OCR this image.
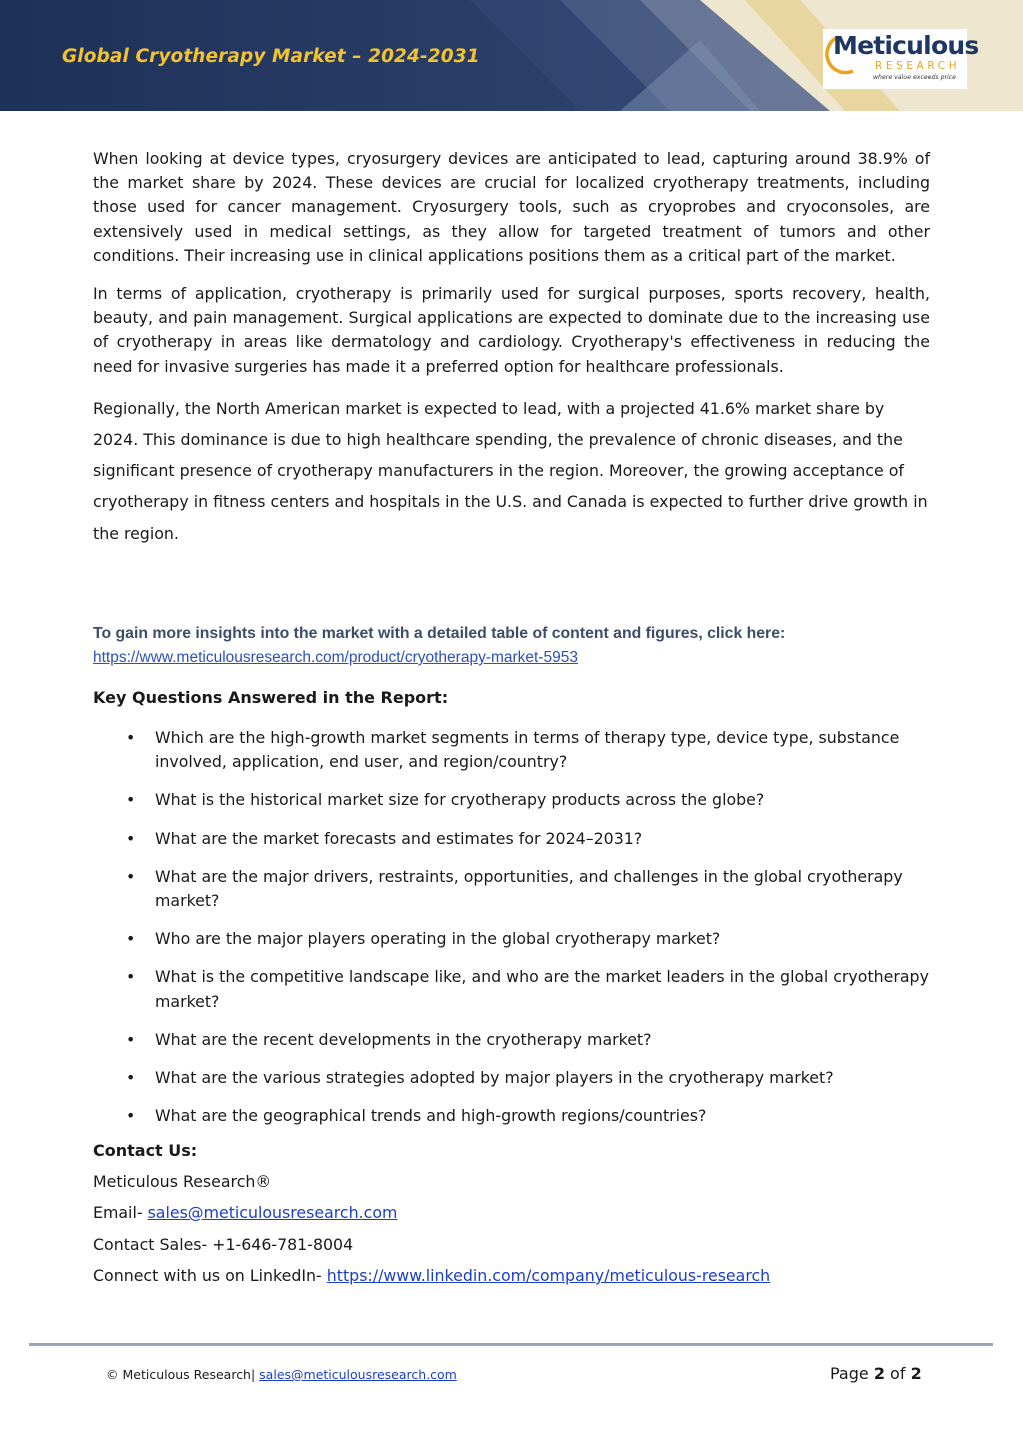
Global Cryotherapy Market – 2024-2031	Meticulous
RESEARCH
where value exceeds price

When looking at device types, cryosurgery devices are anticipated to lead, capturing around 38.9% of the market share by 2024. These devices are crucial for localized cryotherapy treatments, including those used for cancer management. Cryosurgery tools, such as cryoprobes and cryoconsoles, are extensively used in medical settings, as they allow for targeted treatment of tumors and other conditions. Their increasing use in clinical applications positions them as a critical part of the market.

In terms of application, cryotherapy is primarily used for surgical purposes, sports recovery, health, beauty, and pain management. Surgical applications are expected to dominate due to the increasing use of cryotherapy in areas like dermatology and cardiology. Cryotherapy's effectiveness in reducing the need for invasive surgeries has made it a preferred option for healthcare professionals.

Regionally, the North American market is expected to lead, with a projected 41.6% market share by 2024. This dominance is due to high healthcare spending, the prevalence of chronic diseases, and the significant presence of cryotherapy manufacturers in the region. Moreover, the growing acceptance of cryotherapy in fitness centers and hospitals in the U.S. and Canada is expected to further drive growth in the region.

To gain more insights into the market with a detailed table of content and figures, click here:
https://www.meticulousresearch.com/product/cryotherapy-market-5953
Key Questions Answered in the Report:
• Which are the high-growth market segments in terms of therapy type, device type, substance involved, application, end user, and region/country?
• What is the historical market size for cryotherapy products across the globe?
• What are the market forecasts and estimates for 2024–2031?
• What are the major drivers, restraints, opportunities, and challenges in the global cryotherapy market?
• Who are the major players operating in the global cryotherapy market?
• What is the competitive landscape like, and who are the market leaders in the global cryotherapy market?
• What are the recent developments in the cryotherapy market?
• What are the various strategies adopted by major players in the cryotherapy market?
• What are the geographical trends and high-growth regions/countries?
Contact Us:
Meticulous Research®
Email- sales@meticulousresearch.com
Contact Sales- +1-646-781-8004
Connect with us on LinkedIn- https://www.linkedin.com/company/meticulous-research
© Meticulous Research| sales@meticulousresearch.com	Page 2 of 2
